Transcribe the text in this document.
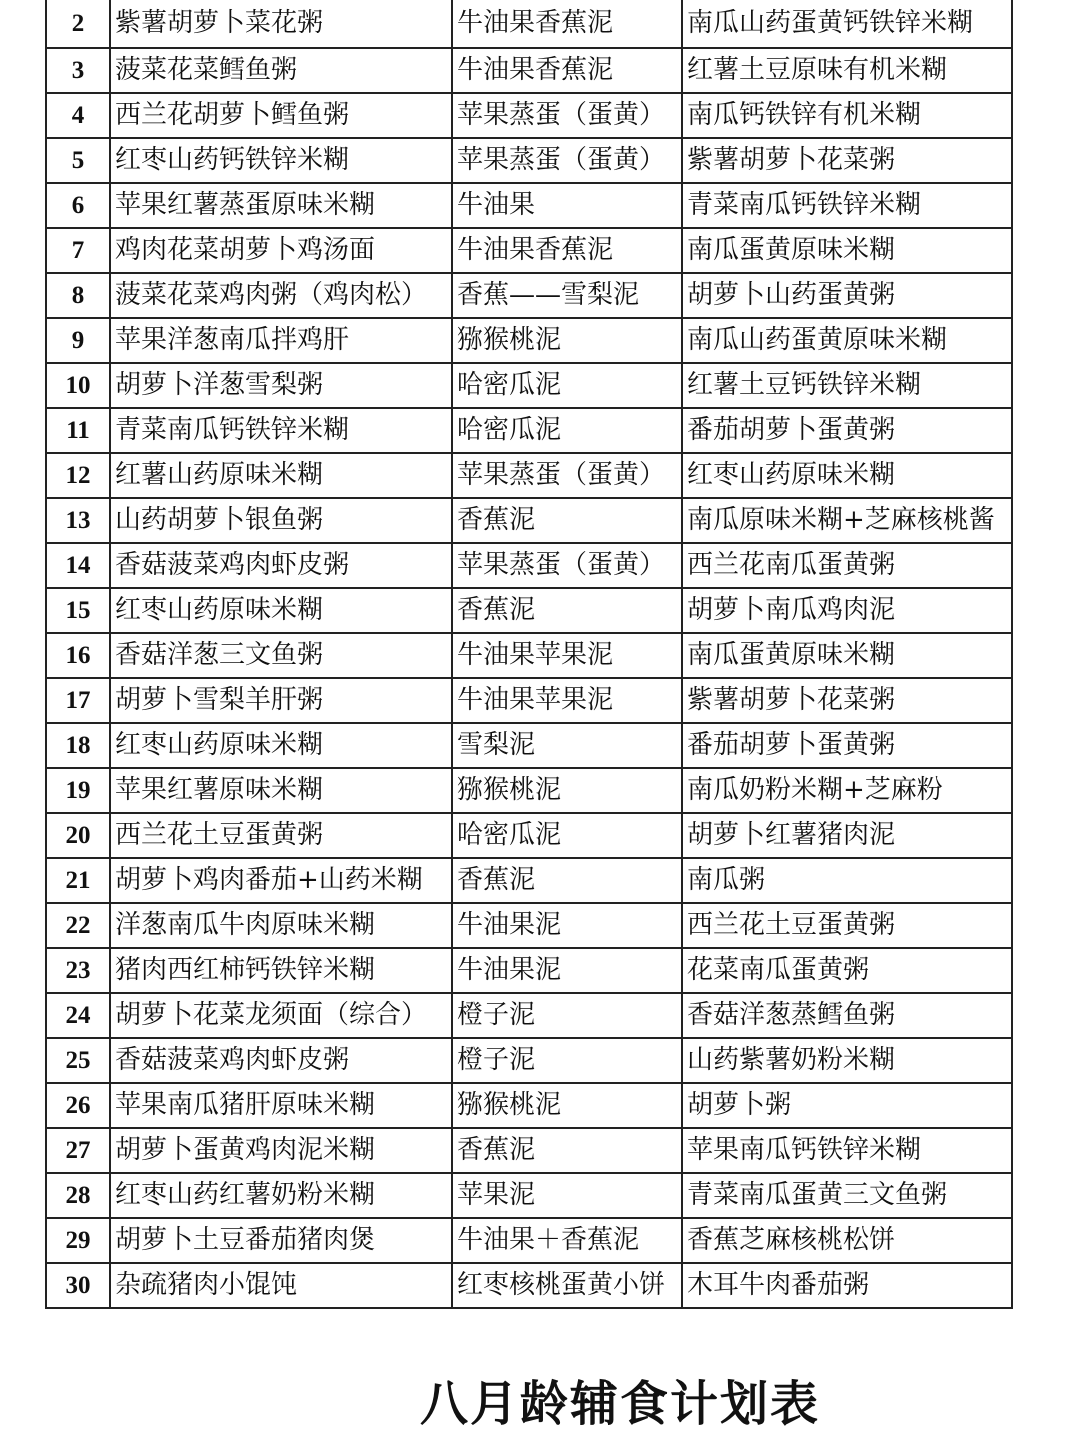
2	紫薯胡萝卜菜花粥	牛油果香蕉泥	南瓜山药蛋黄钙铁锌米糊
3	菠菜花菜鳕鱼粥	牛油果香蕉泥	红薯土豆原味有机米糊
4	西兰花胡萝卜鳕鱼粥	苹果蒸蛋（蛋黄）	南瓜钙铁锌有机米糊
5	红枣山药钙铁锌米糊	苹果蒸蛋（蛋黄）	紫薯胡萝卜花菜粥
6	苹果红薯蒸蛋原味米糊	牛油果	青菜南瓜钙铁锌米糊
7	鸡肉花菜胡萝卜鸡汤面	牛油果香蕉泥	南瓜蛋黄原味米糊
8	菠菜花菜鸡肉粥（鸡肉松）	香蕉——雪梨泥	胡萝卜山药蛋黄粥
9	苹果洋葱南瓜拌鸡肝	猕猴桃泥	南瓜山药蛋黄原味米糊
10	胡萝卜洋葱雪梨粥	哈密瓜泥	红薯土豆钙铁锌米糊
11	青菜南瓜钙铁锌米糊	哈密瓜泥	番茄胡萝卜蛋黄粥
12	红薯山药原味米糊	苹果蒸蛋（蛋黄）	红枣山药原味米糊
13	山药胡萝卜银鱼粥	香蕉泥	南瓜原味米糊+芝麻核桃酱
14	香菇菠菜鸡肉虾皮粥	苹果蒸蛋（蛋黄）	西兰花南瓜蛋黄粥
15	红枣山药原味米糊	香蕉泥	胡萝卜南瓜鸡肉泥
16	香菇洋葱三文鱼粥	牛油果苹果泥	南瓜蛋黄原味米糊
17	胡萝卜雪梨羊肝粥	牛油果苹果泥	紫薯胡萝卜花菜粥
18	红枣山药原味米糊	雪梨泥	番茄胡萝卜蛋黄粥
19	苹果红薯原味米糊	猕猴桃泥	南瓜奶粉米糊+芝麻粉
20	西兰花土豆蛋黄粥	哈密瓜泥	胡萝卜红薯猪肉泥
21	胡萝卜鸡肉番茄+山药米糊	香蕉泥	南瓜粥
22	洋葱南瓜牛肉原味米糊	牛油果泥	西兰花土豆蛋黄粥
23	猪肉西红柿钙铁锌米糊	牛油果泥	花菜南瓜蛋黄粥
24	胡萝卜花菜龙须面（综合）	橙子泥	香菇洋葱蒸鳕鱼粥
25	香菇菠菜鸡肉虾皮粥	橙子泥	山药紫薯奶粉米糊
26	苹果南瓜猪肝原味米糊	猕猴桃泥	胡萝卜粥
27	胡萝卜蛋黄鸡肉泥米糊	香蕉泥	苹果南瓜钙铁锌米糊
28	红枣山药红薯奶粉米糊	苹果泥	青菜南瓜蛋黄三文鱼粥
29	胡萝卜土豆番茄猪肉煲	牛油果＋香蕉泥	香蕉芝麻核桃松饼
30	杂疏猪肉小馄饨	红枣核桃蛋黄小饼	木耳牛肉番茄粥
八月龄辅食计划表
